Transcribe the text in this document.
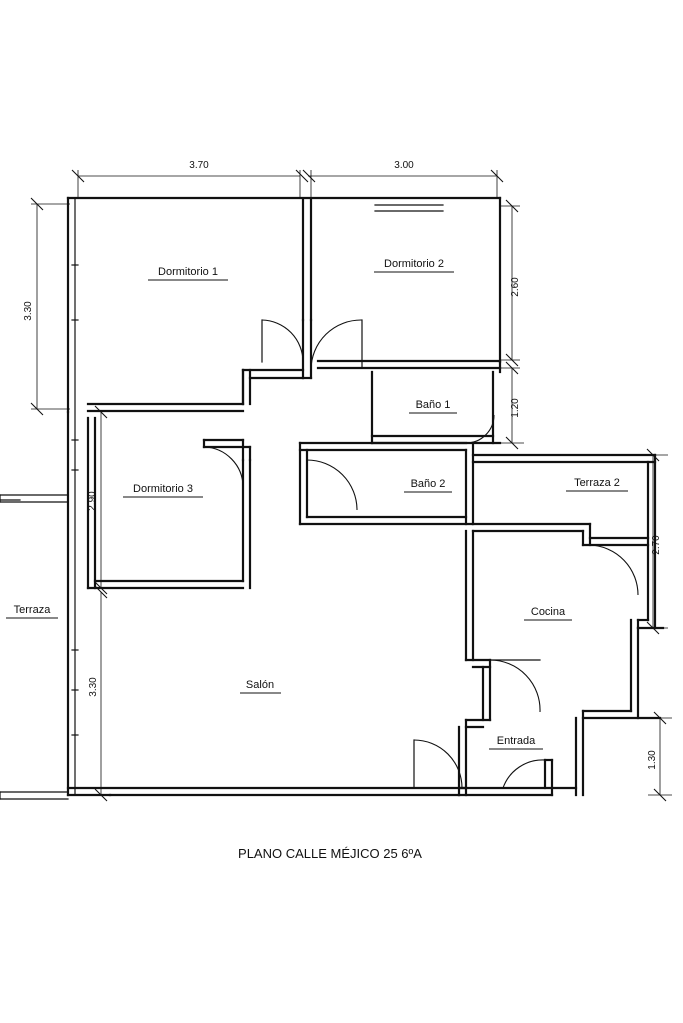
Dormitorio 1
Dormitorio 2
Baño 1
Baño 2	Terraza 2
Dormitorio 3
Terraza	Cocina
Salón
Entrada
3.70	3.00
3.30
2.90
3.30
2.60
1.20
2.70
1.30
PLANO CALLE MÉJICO 25 6ºA
